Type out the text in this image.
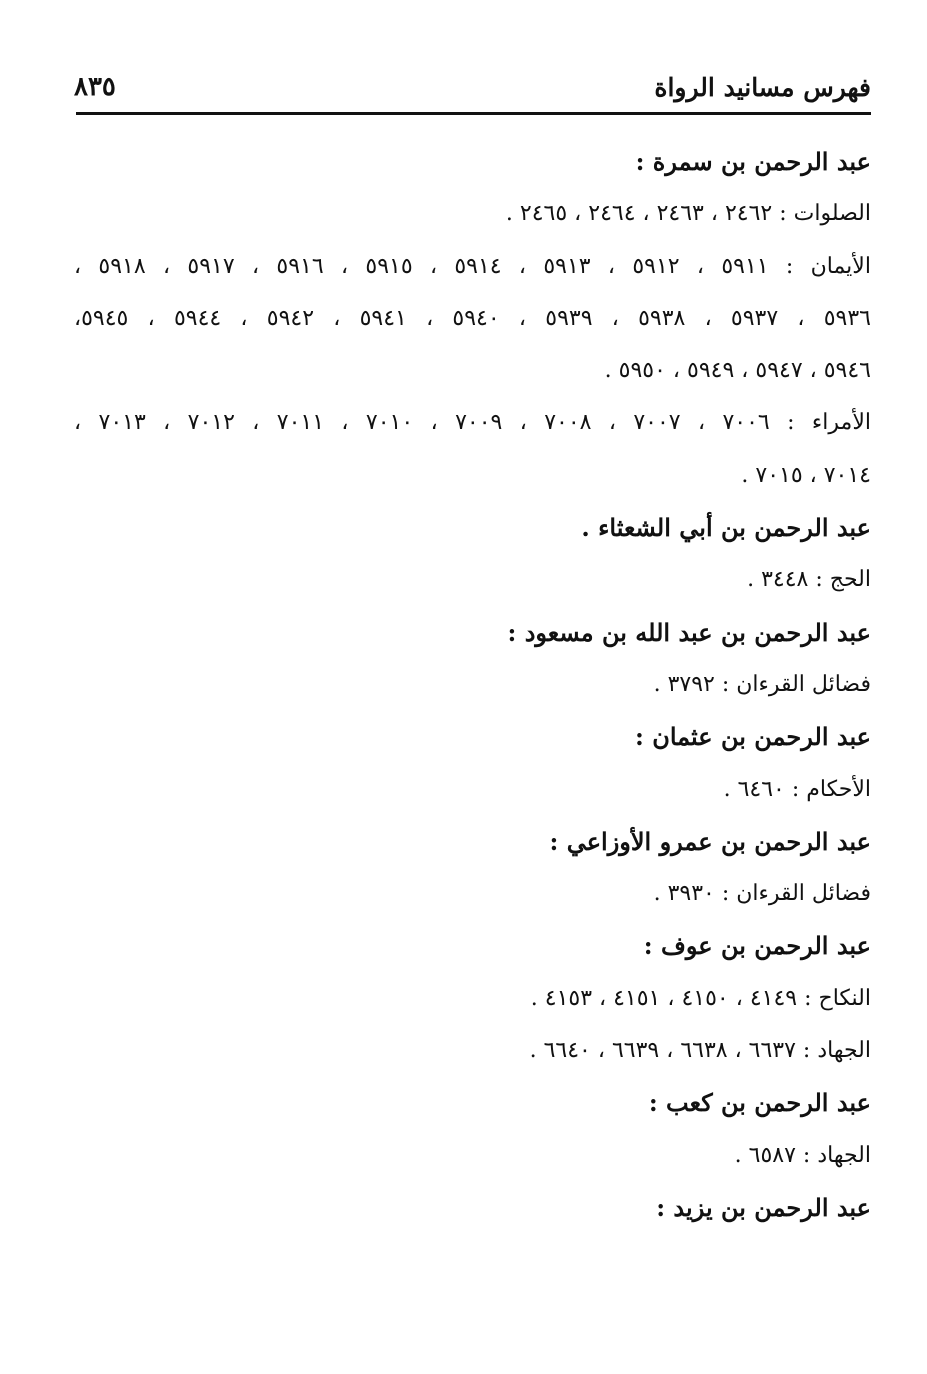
فهرس مسانيد الرواة
٨٣٥
عبد الرحمن بن سمرة :
الصلوات : ٢٤٦٢ ، ٢٤٦٣ ، ٢٤٦٤ ، ٢٤٦٥ .
الأيمان : ٥٩١١ ، ٥٩١٢ ، ٥٩١٣ ، ٥٩١٤ ، ٥٩١٥ ، ٥٩١٦ ، ٥٩١٧ ، ٥٩١٨ ،
٥٩٣٦ ، ٥٩٣٧ ، ٥٩٣٨ ، ٥٩٣٩ ، ٥٩٤٠ ، ٥٩٤١ ، ٥٩٤٢ ، ٥٩٤٤ ، ٥٩٤٥،
٥٩٤٦ ، ٥٩٤٧ ، ٥٩٤٩ ، ٥٩٥٠ .
الأمراء : ٧٠٠٦ ، ٧٠٠٧ ، ٧٠٠٨ ، ٧٠٠٩ ، ٧٠١٠ ، ٧٠١١ ، ٧٠١٢ ، ٧٠١٣ ،
٧٠١٤ ، ٧٠١٥ .
عبد الرحمن بن أبي الشعثاء .
الحج : ٣٤٤٨ .
عبد الرحمن بن عبد الله بن مسعود :
فضائل القرءان : ٣٧٩٢ .
عبد الرحمن بن عثمان :
الأحكام : ٦٤٦٠ .
عبد الرحمن بن عمرو الأوزاعي :
فضائل القرءان : ٣٩٣٠ .
عبد الرحمن بن عوف :
النكاح : ٤١٤٩ ، ٤١٥٠ ، ٤١٥١ ، ٤١٥٣ .
الجهاد : ٦٦٣٧ ، ٦٦٣٨ ، ٦٦٣٩ ، ٦٦٤٠ .
عبد الرحمن بن كعب :
الجهاد : ٦٥٨٧ .
عبد الرحمن بن يزيد :
